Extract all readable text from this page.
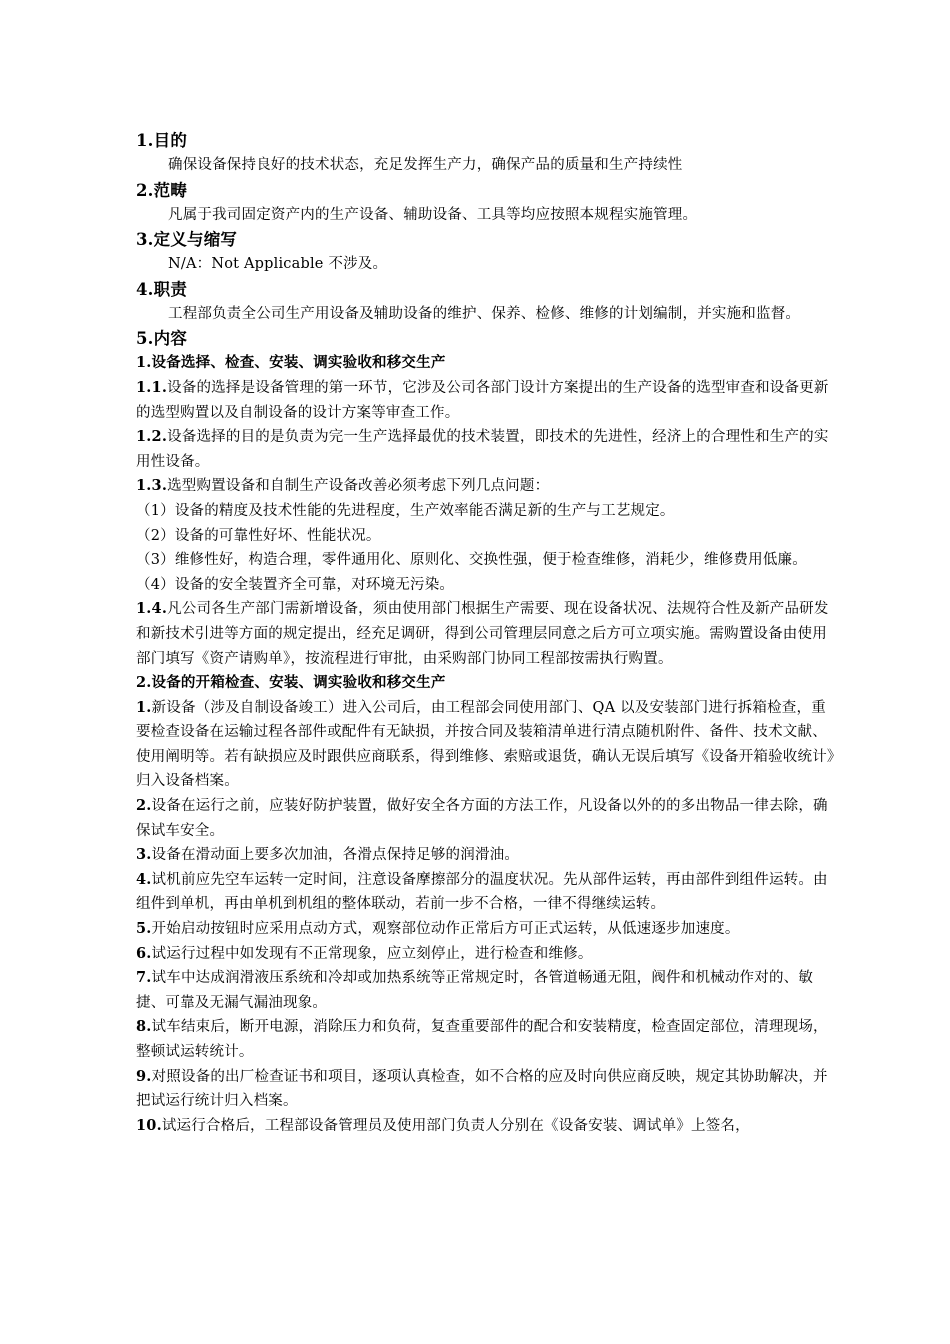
1.目的

确保设备保持良好的技术状态，充足发挥生产力，确保产品的质量和生产持续性

2.范畴

凡属于我司固定资产内的生产设备、辅助设备、工具等均应按照本规程实施管理。

3.定义与缩写

N/A：Not Applicable 不涉及。

4.职责

工程部负责全公司生产用设备及辅助设备的维护、保养、检修、维修的计划编制，并实施和监督。

5.内容
1.设备选择、检查、安装、调实验收和移交生产

1.1.设备的选择是设备管理的第一环节，它涉及公司各部门设计方案提出的生产设备的选型审查和设备更新的选型购置以及自制设备的设计方案等审查工作。

1.2.设备选择的目的是负责为完一生产选择最优的技术装置，即技术的先进性，经济上的合理性和生产的实用性设备。

1.3.选型购置设备和自制生产设备改善必须考虑下列几点问题：

（1）设备的精度及技术性能的先进程度，生产效率能否满足新的生产与工艺规定。

（2）设备的可靠性好坏、性能状况。

（3）维修性好，构造合理，零件通用化、原则化、交换性强，便于检查维修，消耗少，维修费用低廉。

（4）设备的安全装置齐全可靠，对环境无污染。

1.4.凡公司各生产部门需新增设备，须由使用部门根据生产需要、现在设备状况、法规符合性及新产品研发和新技术引进等方面的规定提出，经充足调研，得到公司管理层同意之后方可立项实施。需购置设备由使用部门填写《资产请购单》，按流程进行审批，由采购部门协同工程部按需执行购置。

2.设备的开箱检查、安装、调实验收和移交生产

1.新设备（涉及自制设备竣工）进入公司后，由工程部会同使用部门、QA 以及安装部门进行拆箱检查，重要检查设备在运输过程各部件或配件有无缺损，并按合同及装箱清单进行清点随机附件、备件、技术文献、使用阐明等。若有缺损应及时跟供应商联系，得到维修、索赔或退货，确认无误后填写《设备开箱验收统计》归入设备档案。

2.设备在运行之前，应装好防护装置，做好安全各方面的方法工作，凡设备以外的的多出物品一律去除，确保试车安全。

3.设备在滑动面上要多次加油，各滑点保持足够的润滑油。

4.试机前应先空车运转一定时间，注意设备摩擦部分的温度状况。先从部件运转，再由部件到组件运转。由组件到单机，再由单机到机组的整体联动，若前一步不合格，一律不得继续运转。

5.开始启动按钮时应采用点动方式，观察部位动作正常后方可正式运转，从低速逐步加速度。

6.试运行过程中如发现有不正常现象，应立刻停止，进行检查和维修。

7.试车中达成润滑液压系统和冷却或加热系统等正常规定时，各管道畅通无阻，阀件和机械动作对的、敏捷、可靠及无漏气漏油现象。

8.试车结束后，断开电源，消除压力和负荷，复查重要部件的配合和安装精度，检查固定部位，清理现场，整顿试运转统计。

9.对照设备的出厂检查证书和项目，逐项认真检查，如不合格的应及时向供应商反映，规定其协助解决，并把试运行统计归入档案。

10.试运行合格后，工程部设备管理员及使用部门负责人分别在《设备安装、调试单》上签名，
